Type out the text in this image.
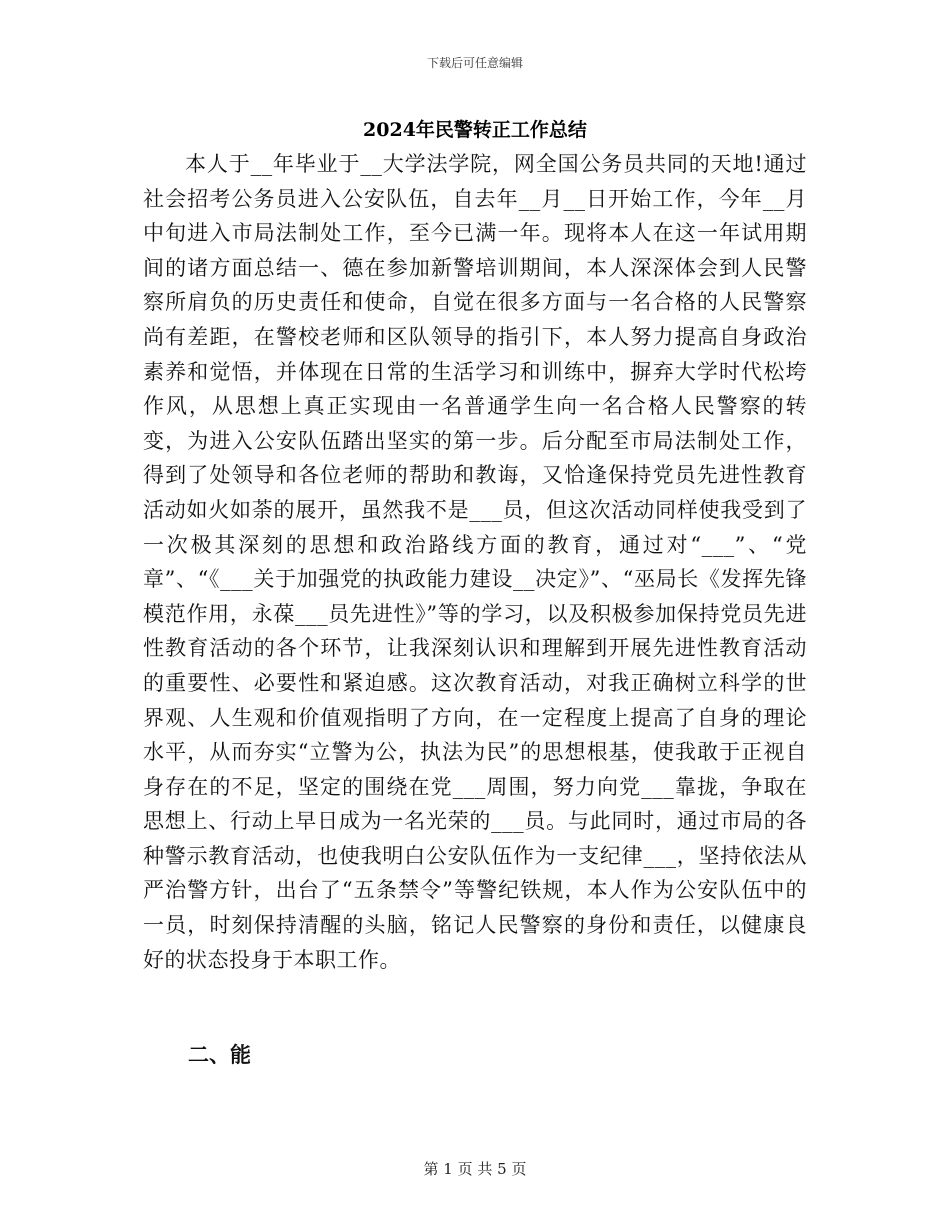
下载后可任意编辑
2024年民警转正工作总结

本人于__年毕业于__大学法学院，网全国公务员共同的天地!通过社会招考公务员进入公安队伍，自去年__月__日开始工作，今年__月中旬进入市局法制处工作，至今已满一年。现将本人在这一年试用期间的诸方面总结一、德在参加新警培训期间，本人深深体会到人民警察所肩负的历史责任和使命，自觉在很多方面与一名合格的人民警察尚有差距，在警校老师和区队领导的指引下，本人努力提高自身政治素养和觉悟，并体现在日常的生活学习和训练中，摒弃大学时代松垮作风，从思想上真正实现由一名普通学生向一名合格人民警察的转变，为进入公安队伍踏出坚实的第一步。后分配至市局法制处工作，得到了处领导和各位老师的帮助和教诲，又恰逢保持党员先进性教育活动如火如荼的展开，虽然我不是___员，但这次活动同样使我受到了一次极其深刻的思想和政治路线方面的教育，通过对“___”、“党章”、“《___关于加强党的执政能力建设__决定》”、“巫局长《发挥先锋模范作用，永葆___员先进性》”等的学习，以及积极参加保持党员先进性教育活动的各个环节，让我深刻认识和理解到开展先进性教育活动的重要性、必要性和紧迫感。这次教育活动，对我正确树立科学的世界观、人生观和价值观指明了方向，在一定程度上提高了自身的理论水平，从而夯实“立警为公，执法为民”的思想根基，使我敢于正视自身存在的不足，坚定的围绕在党___周围，努力向党___靠拢，争取在思想上、行动上早日成为一名光荣的___员。与此同时，通过市局的各种警示教育活动，也使我明白公安队伍作为一支纪律___，坚持依法从严治警方针，出台了“五条禁令”等警纪铁规，本人作为公安队伍中的一员，时刻保持清醒的头脑，铭记人民警察的身份和责任，以健康良好的状态投身于本职工作。

二、能
第 1 页 共 5 页
